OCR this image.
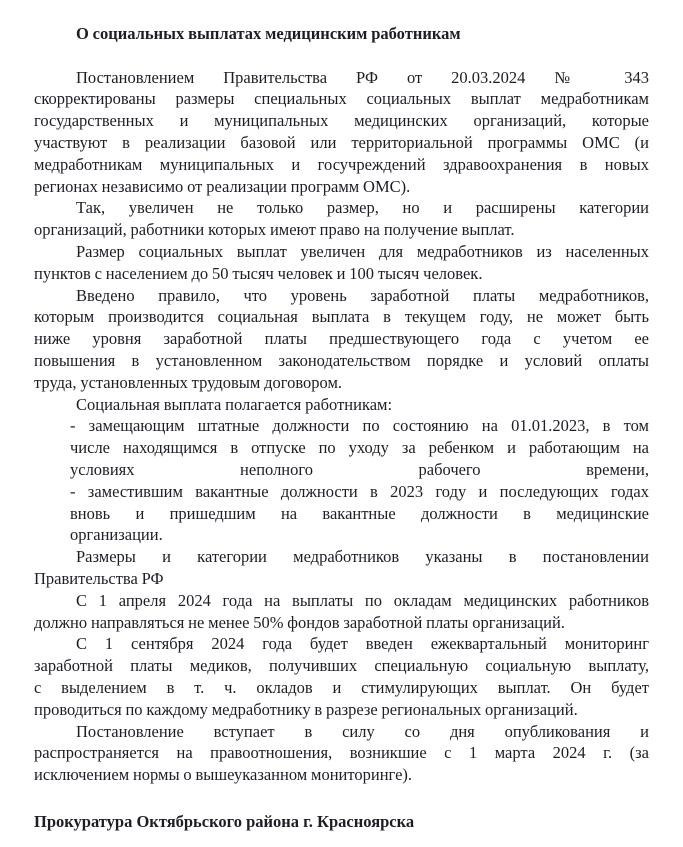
О социальных выплатах медицинским работникам
Постановлением Правительства РФ от 20.03.2024 № 343
скорректированы размеры специальных социальных выплат медработникам
государственных и муниципальных медицинских организаций, которые
участвуют в реализации базовой или территориальной программы ОМС (и
медработникам муниципальных и госучреждений здравоохранения в новых
регионах независимо от реализации программ ОМС).
Так, увеличен не только размер, но и расширены категории
организаций, работники которых имеют право на получение выплат.
Размер социальных выплат увеличен для медработников из населенных
пунктов с населением до 50 тысяч человек и 100 тысяч человек.
Введено правило, что уровень заработной платы медработников,
которым производится социальная выплата в текущем году, не может быть
ниже уровня заработной платы предшествующего года с учетом ее
повышения в установленном законодательством порядке и условий оплаты
труда, установленных трудовым договором.
Социальная выплата полагается работникам:
- замещающим штатные должности по состоянию на 01.01.2023, в том
числе находящимся в отпуске по уходу за ребенком и работающим на
условиях неполного рабочего времени,
- заместившим вакантные должности в 2023 году и последующих годах
вновь и пришедшим на вакантные должности в медицинские
организации.
Размеры и категории медработников указаны в постановлении
Правительства РФ
С 1 апреля 2024 года на выплаты по окладам медицинских работников
должно направляться не менее 50% фондов заработной платы организаций.
С 1 сентября 2024 года будет введен ежеквартальный мониторинг
заработной платы медиков, получивших специальную социальную выплату,
с выделением в т. ч. окладов и стимулирующих выплат. Он будет
проводиться по каждому медработнику в разрезе региональных организаций.
Постановление вступает в силу со дня опубликования и
распространяется на правоотношения, возникшие с 1 марта 2024 г. (за
исключением нормы о вышеуказанном мониторинге).
Прокуратура Октябрьского района г. Красноярска
